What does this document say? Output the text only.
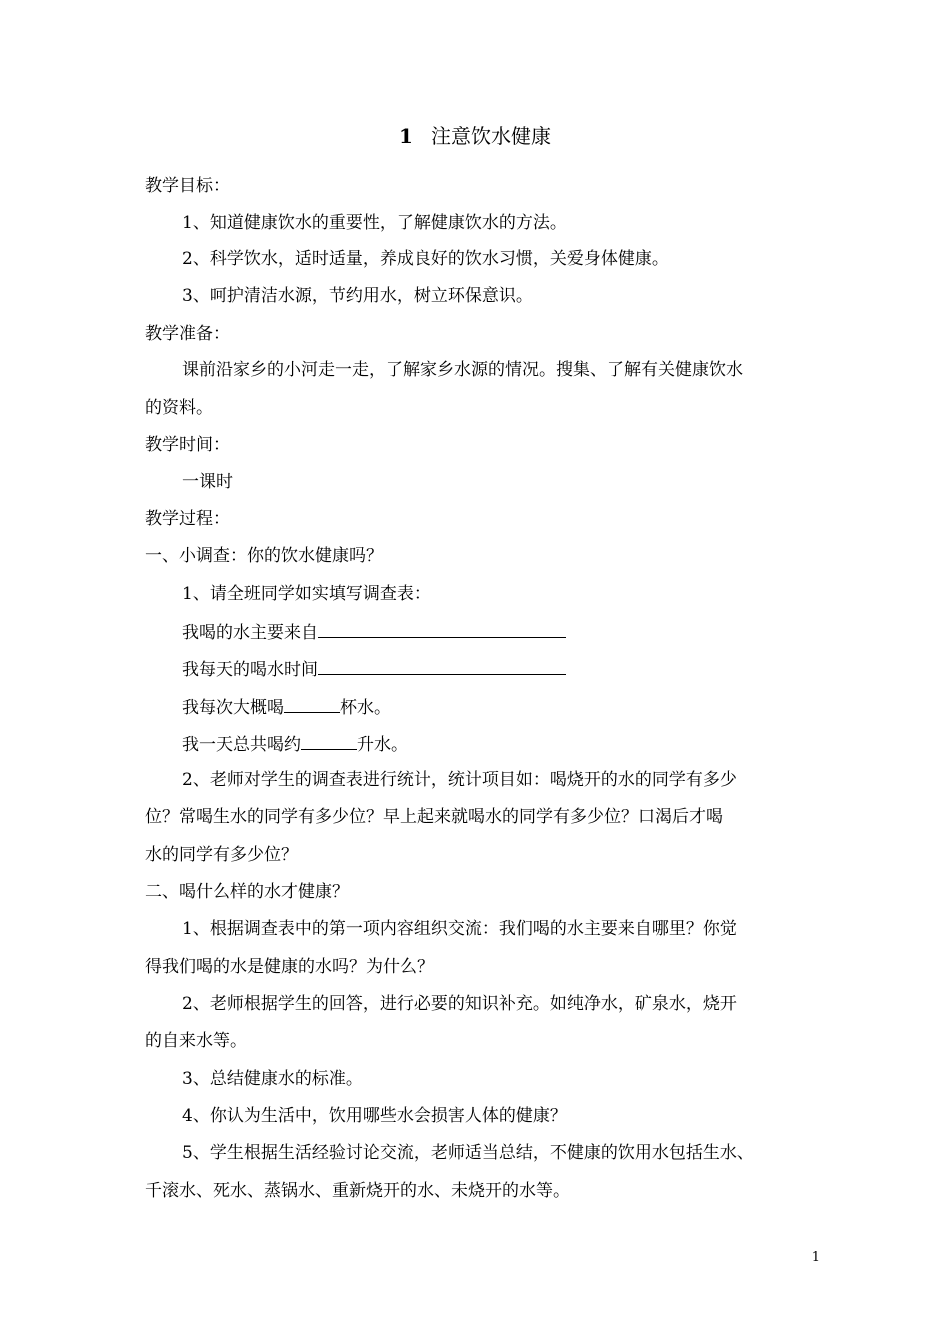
1 注意饮水健康
教学目标：
1、知道健康饮水的重要性，了解健康饮水的方法。
2、科学饮水，适时适量，养成良好的饮水习惯，关爱身体健康。
3、呵护清洁水源，节约用水，树立环保意识。
教学准备：
课前沿家乡的小河走一走，了解家乡水源的情况。搜集、了解有关健康饮水
的资料。
教学时间：
一课时
教学过程：
一、小调查：你的饮水健康吗？
1、请全班同学如实填写调查表：
我喝的水主要来自
我每天的喝水时间
我每次大概喝	杯水。
我一天总共喝约	升水。
2、老师对学生的调查表进行统计，统计项目如：喝烧开的水的同学有多少
位？常喝生水的同学有多少位？早上起来就喝水的同学有多少位？口渴后才喝
水的同学有多少位？
二、喝什么样的水才健康？
1、根据调查表中的第一项内容组织交流：我们喝的水主要来自哪里？你觉
得我们喝的水是健康的水吗？为什么？
2、老师根据学生的回答，进行必要的知识补充。如纯净水，矿泉水，烧开
的自来水等。
3、总结健康水的标准。
4、你认为生活中，饮用哪些水会损害人体的健康？
5、学生根据生活经验讨论交流，老师适当总结，不健康的饮用水包括生水、
千滚水、死水、蒸锅水、重新烧开的水、未烧开的水等。
1
